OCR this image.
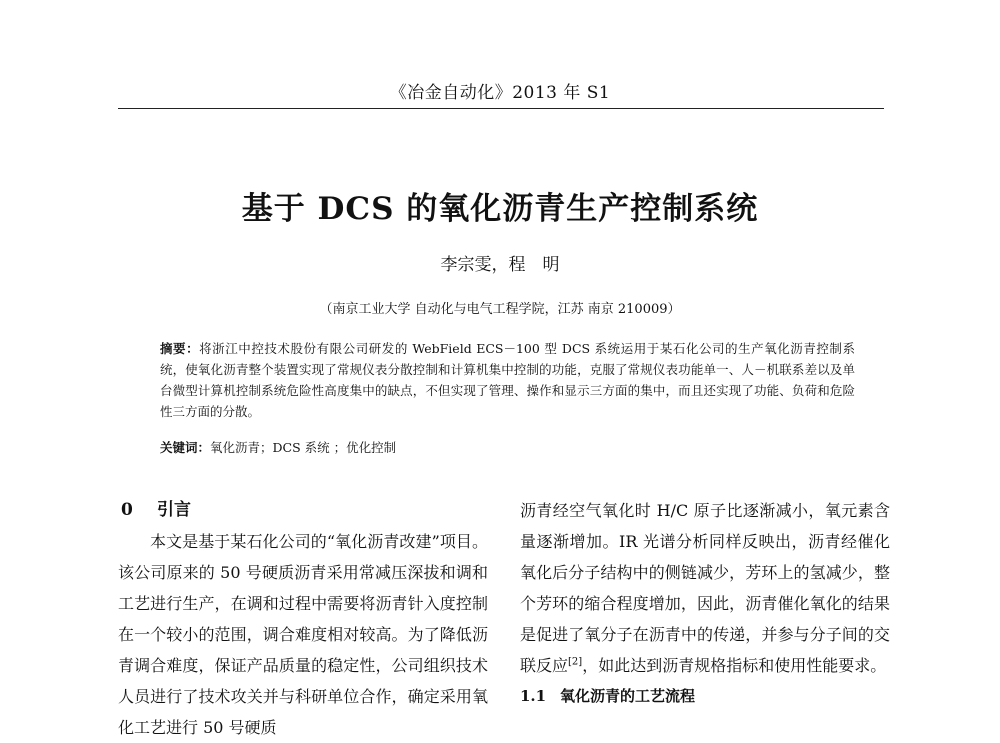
《冶金自动化》2013 年 S1
基于 DCS 的氧化沥青生产控制系统
李宗雯，程　明
（南京工业大学 自动化与电气工程学院，江苏 南京 210009）
摘要：将浙江中控技术股份有限公司研发的 WebField ECS－100 型 DCS 系统运用于某石化公司的生产氧化沥青控制系统，使氧化沥青整个装置实现了常规仪表分散控制和计算机集中控制的功能，克服了常规仪表功能单一、人－机联系差以及单台微型计算机控制系统危险性高度集中的缺点，不但实现了管理、操作和显示三方面的集中，而且还实现了功能、负荷和危险性三方面的分散。
关键词：氧化沥青；DCS 系统 ；优化控制
0 引言
本文是基于某石化公司的“氧化沥青改建”项目。该公司原来的 50 号硬质沥青采用常减压深拔和调和工艺进行生产，在调和过程中需要将沥青针入度控制在一个较小的范围，调合难度相对较高。为了降低沥青调合难度，保证产品质量的稳定性，公司组织技术人员进行了技术攻关并与科研单位合作，确定采用氧化工艺进行 50 号硬质
沥青经空气氧化时 H/C 原子比逐渐减小，氧元素含量逐渐增加。IR 光谱分析同样反映出，沥青经催化氧化后分子结构中的侧链减少，芳环上的氢减少，整个芳环的缩合程度增加，因此，沥青催化氧化的结果是促进了氧分子在沥青中的传递，并参与分子间的交联反应[2]，如此达到沥青规格指标和使用性能要求。
1.1 氧化沥青的工艺流程
